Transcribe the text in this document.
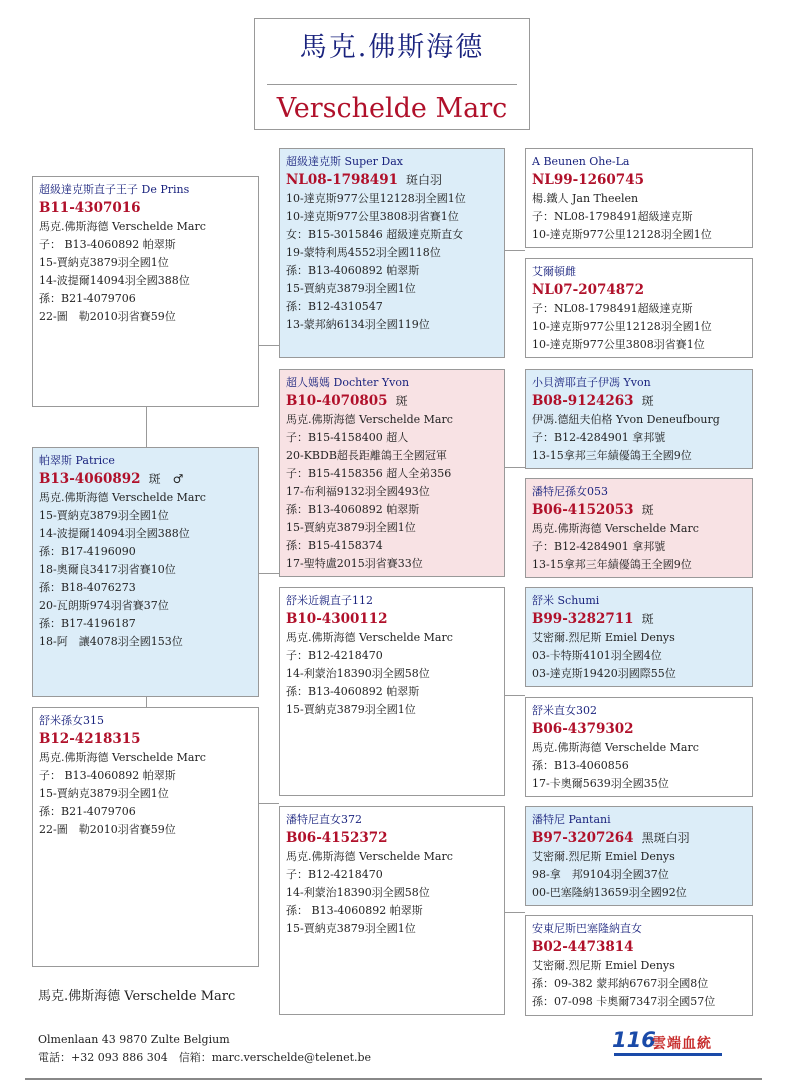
馬克.佛斯海德
Verschelde Marc
超級達克斯直子王子 De Prins
B11-4307016
馬克.佛斯海德 Verschelde Marc
子： B13-4060892 帕翠斯
15-賈納克3879羽全國1位
14-波提爾14094羽全國388位
孫：B21-4079706
22-圖　勒2010羽省賽59位
帕翠斯 Patrice
B13-4060892 斑　♂
馬克.佛斯海德 Verschelde Marc
15-賈納克3879羽全國1位
14-波提爾14094羽全國388位
孫：B17-4196090
18-奧爾良3417羽省賽10位
孫：B18-4076273
20-瓦朗斯974羽省賽37位
孫：B17-4196187
18-阿　讓4078羽全國153位
舒米孫女315
B12-4218315
馬克.佛斯海德 Verschelde Marc
子： B13-4060892 帕翠斯
15-賈納克3879羽全國1位
孫：B21-4079706
22-圖　勒2010羽省賽59位
超級達克斯 Super Dax
NL08-1798491 斑白羽
10-達克斯977公里12128羽全國1位
10-達克斯977公里3808羽省賽1位
女：B15-3015846 超級達克斯直女
19-蒙特利馬4552羽全國118位
孫：B13-4060892 帕翠斯
15-賈納克3879羽全國1位
孫：B12-4310547
13-蒙邦納6134羽全國119位
超人媽媽 Dochter Yvon
B10-4070805 斑
馬克.佛斯海德 Verschelde Marc
子：B15-4158400 超人
20-KBDB超長距離鴿王全國冠軍
子：B15-4158356 超人全弟356
17-布利福9132羽全國493位
孫：B13-4060892 帕翠斯
15-賈納克3879羽全國1位
孫：B15-4158374
17-聖特盧2015羽省賽33位
舒米近親直子112
B10-4300112
馬克.佛斯海德 Verschelde Marc
子：B12-4218470
14-利蒙治18390羽全國58位
孫：B13-4060892 帕翠斯
15-賈納克3879羽全國1位
潘特尼直女372
B06-4152372
馬克.佛斯海德 Verschelde Marc
子：B12-4218470
14-利蒙治18390羽全國58位
孫： B13-4060892 帕翠斯
15-賈納克3879羽全國1位
A Beunen Ohe-La
NL99-1260745
楊.鐵人 Jan Theelen
子：NL08-1798491超級達克斯
10-達克斯977公里12128羽全國1位
艾爾頓雌
NL07-2074872
子：NL08-1798491超級達克斯
10-達克斯977公里12128羽全國1位
10-達克斯977公里3808羽省賽1位
小貝濟耶直子伊馮 Yvon
B08-9124263 斑
伊馮.德紐夫伯格 Yvon Deneufbourg
子：B12-4284901 拿邦號
13-15拿邦三年績優鴿王全國9位
潘特尼孫女053
B06-4152053 斑
馬克.佛斯海德 Verschelde Marc
子：B12-4284901 拿邦號
13-15拿邦三年績優鴿王全國9位
舒米 Schumi
B99-3282711 斑
艾密爾.烈尼斯 Emiel Denys
03-卡特斯4101羽全國4位
03-達克斯19420羽國際55位
舒米直女302
B06-4379302
馬克.佛斯海德 Verschelde Marc
孫：B13-4060856
17-卡奧爾5639羽全國35位
潘特尼 Pantani
B97-3207264 黑斑白羽
艾密爾.烈尼斯 Emiel Denys
98-拿　邦9104羽全國37位
00-巴塞隆納13659羽全國92位
安東尼斯巴塞隆納直女
B02-4473814
艾密爾.烈尼斯 Emiel Denys
孫：09-382 蒙邦納6767羽全國8位
孫：07-098 卡奧爾7347羽全國57位
馬克.佛斯海德 Verschelde Marc
Olmenlaan 43 9870 Zulte Belgium
電話：+32 093 886 304　信箱：marc.verschelde@telenet.be
116
雲端血統
